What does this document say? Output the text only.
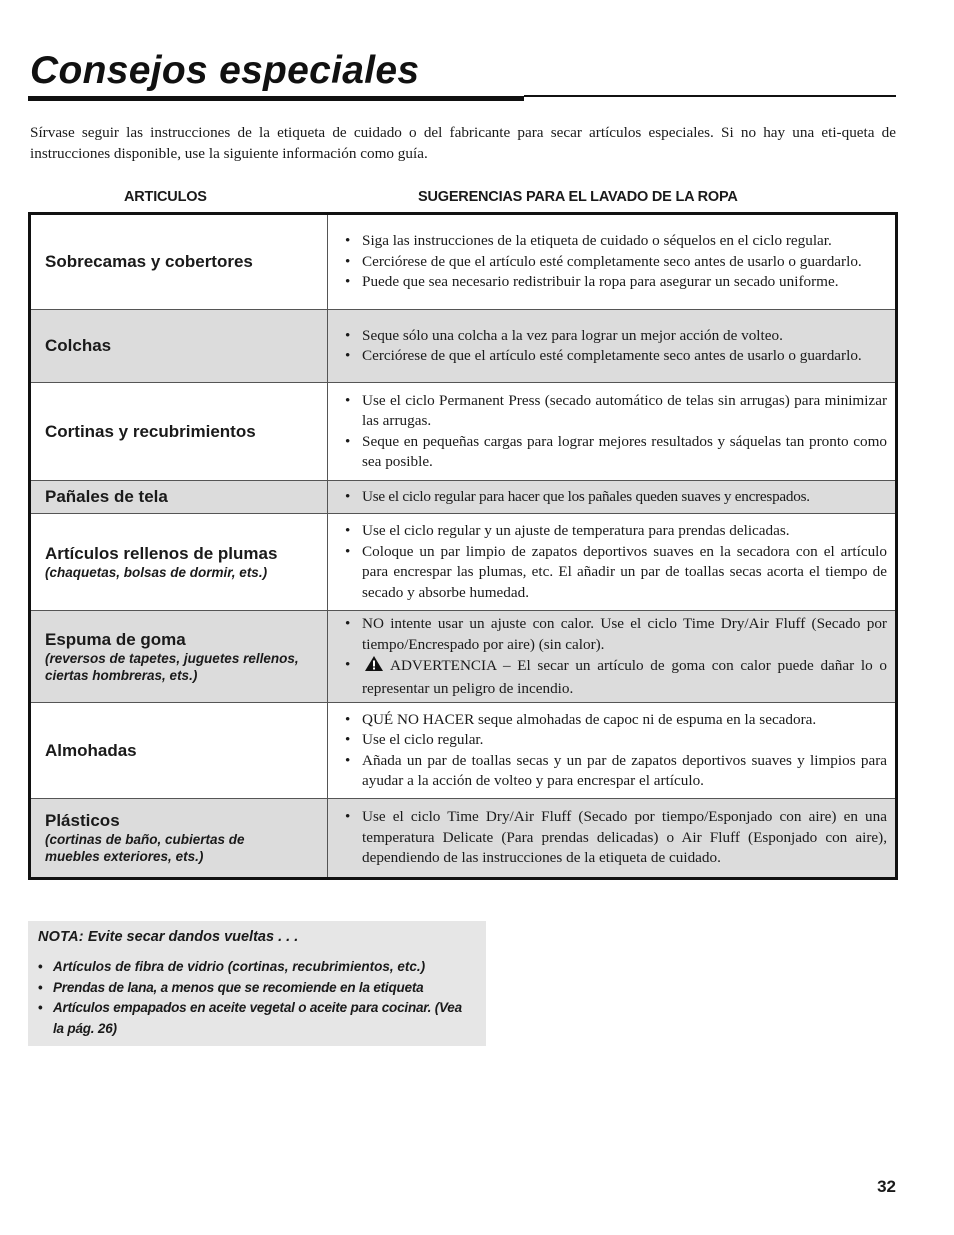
Consejos especiales

Sírvase seguir las instrucciones de la etiqueta de cuidado o del fabricante para secar artículos especiales. Si no hay una eti-queta de instrucciones disponible, use la siguiente información como guía.

ARTICULOS	SUGERENCIAS PARA EL LAVADO DE LA ROPA
Sobrecamas y cobertores
• Siga las instrucciones de la etiqueta de cuidado o séquelos en el ciclo regular.
• Cerciórese de que el artículo esté completamente seco antes de usarlo o guardarlo.
• Puede que sea necesario redistribuir la ropa para asegurar un secado uniforme.
Colchas
• Seque sólo una colcha a la vez para lograr un mejor acción de volteo.
• Cerciórese de que el artículo esté completamente seco antes de usarlo o guardarlo.
Cortinas y recubrimientos
• Use el ciclo Permanent Press (secado automático de telas sin arrugas) para minimizar las arrugas.
• Seque en pequeñas cargas para lograr mejores resultados y sáquelas tan pronto como sea posible.
Pañales de tela
•	Use el ciclo regular para hacer que los pañales queden suaves y encrespados.
Artículos rellenos de plumas
(chaquetas, bolsas de dormir, ets.)
• Use el ciclo regular y un ajuste de temperatura para prendas delicadas.
• Coloque un par limpio de zapatos deportivos suaves en la secadora con el artículo para encrespar las plumas, etc. El añadir un par de toallas secas acorta el tiempo de secado y absorbe humedad.
Espuma de goma
(reversos de tapetes, juguetes rellenos, ciertas hombreras, ets.)
• NO intente usar un ajuste con calor. Use el ciclo Time Dry/Air Fluff (Secado por tiempo/Encrespado por aire) (sin calor).
• ADVERTENCIA – El secar un artículo de goma con calor puede dañar lo o representar un peligro de incendio.
Almohadas
• QUÉ NO HACER seque almohadas de capoc ni de espuma en la secadora.
• Use el ciclo regular.
• Añada un par de toallas secas y un par de zapatos deportivos suaves y limpios para ayudar a la acción de volteo y para encrespar el artículo.
Plásticos
(cortinas de baño, cubiertas de muebles exteriores, ets.)
• Use el ciclo Time Dry/Air Fluff (Secado por tiempo/Esponjado con aire) en una temperatura Delicate (Para prendas delicadas) o Air Fluff (Esponjado con aire), dependiendo de las instrucciones de la etiqueta de cuidado.

NOTA: Evite secar dandos vueltas . . .

• Artículos de fibra de vidrio (cortinas, recubrimientos, etc.)
• Prendas de lana, a menos que se recomiende en la etiqueta
• Artículos empapados en aceite vegetal o aceite para cocinar. (Vea la pág. 26)
32
